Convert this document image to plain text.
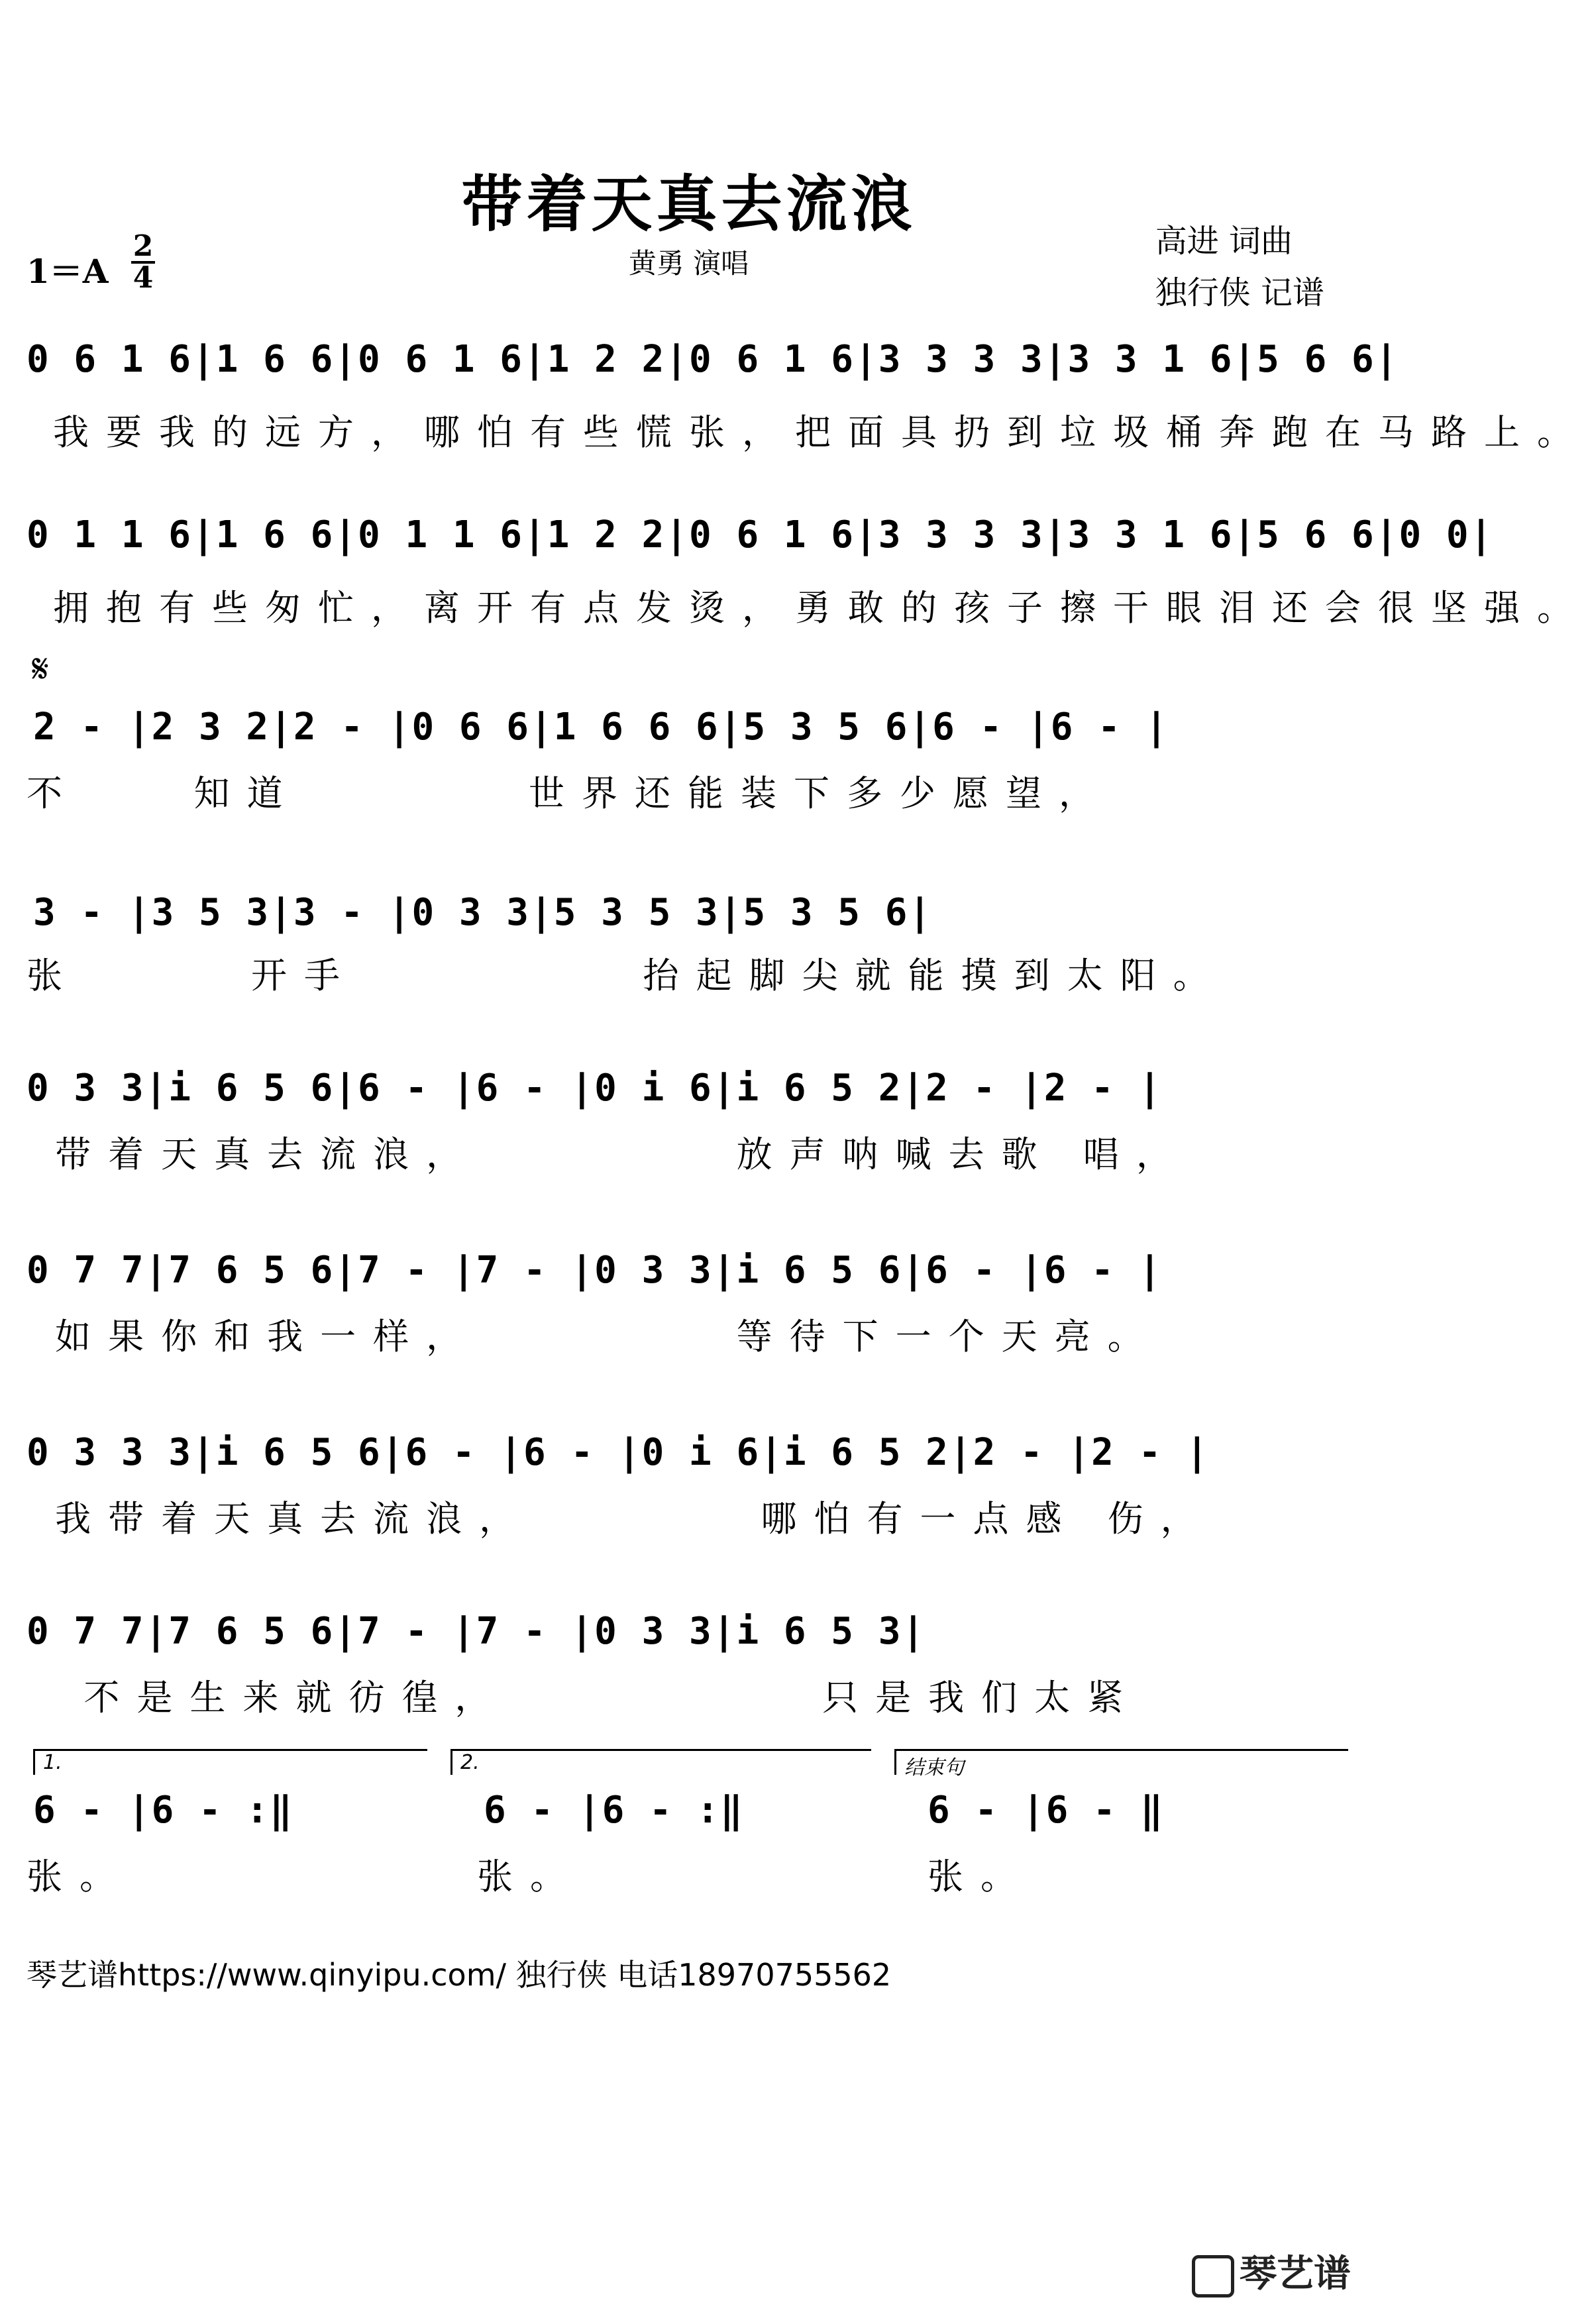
带着天真去流浪
黄勇 演唱
高进 词曲
独行侠 记谱
1＝A
2
4
𝄋
0 6 1 6|1 6 6|0 6 1 6|1 2 2|0 6 1 6|3 3 3 3|3 3 1 6|5 6 6|
我要我的远方，哪怕有些慌张，把面具扔到垃圾桶奔跑在马路上。
0 1 1 6|1 6 6|0 1 1 6|1 2 2|0 6 1 6|3 3 3 3|3 3 1 6|5 6 6|0 0|
拥抱有些匆忙，离开有点发烫，勇敢的孩子擦干眼泪还会很坚强。
2 - |2 3 2|2 - |0 6 6|1 6 6 6|5 3 5 6|6 - |6 - |
不    知道        世界还能装下多少愿望，
3 - |3 5 3|3 - |0 3 3|5 3 5 3|5 3 5 6|
张      开手          抬起脚尖就能摸到太阳。
0 3 3|i 6 5 6|6 - |6 - |0 i 6|i 6 5 2|2 - |2 - |
带着天真去流浪，         放声呐喊去歌 唱，
0 7 7|7 6 5 6|7 - |7 - |0 3 3|i 6 5 6|6 - |6 - |
如果你和我一样，         等待下一个天亮。
0 3 3 3|i 6 5 6|6 - |6 - |0 i 6|i 6 5 2|2 - |2 - |
我带着天真去流浪，        哪怕有一点感 伤，
0 7 7|7 6 5 6|7 - |7 - |0 3 3|i 6 5 3|
不是生来就彷徨，           只是我们太紧
1.
6 - |6 - :‖
张。
2.
6 - |6 - :‖
张。
结束句
6 - |6 - ‖
张。
琴艺谱https://www.qinyipu.com/ 独行侠 电话18970755562
琴艺谱
